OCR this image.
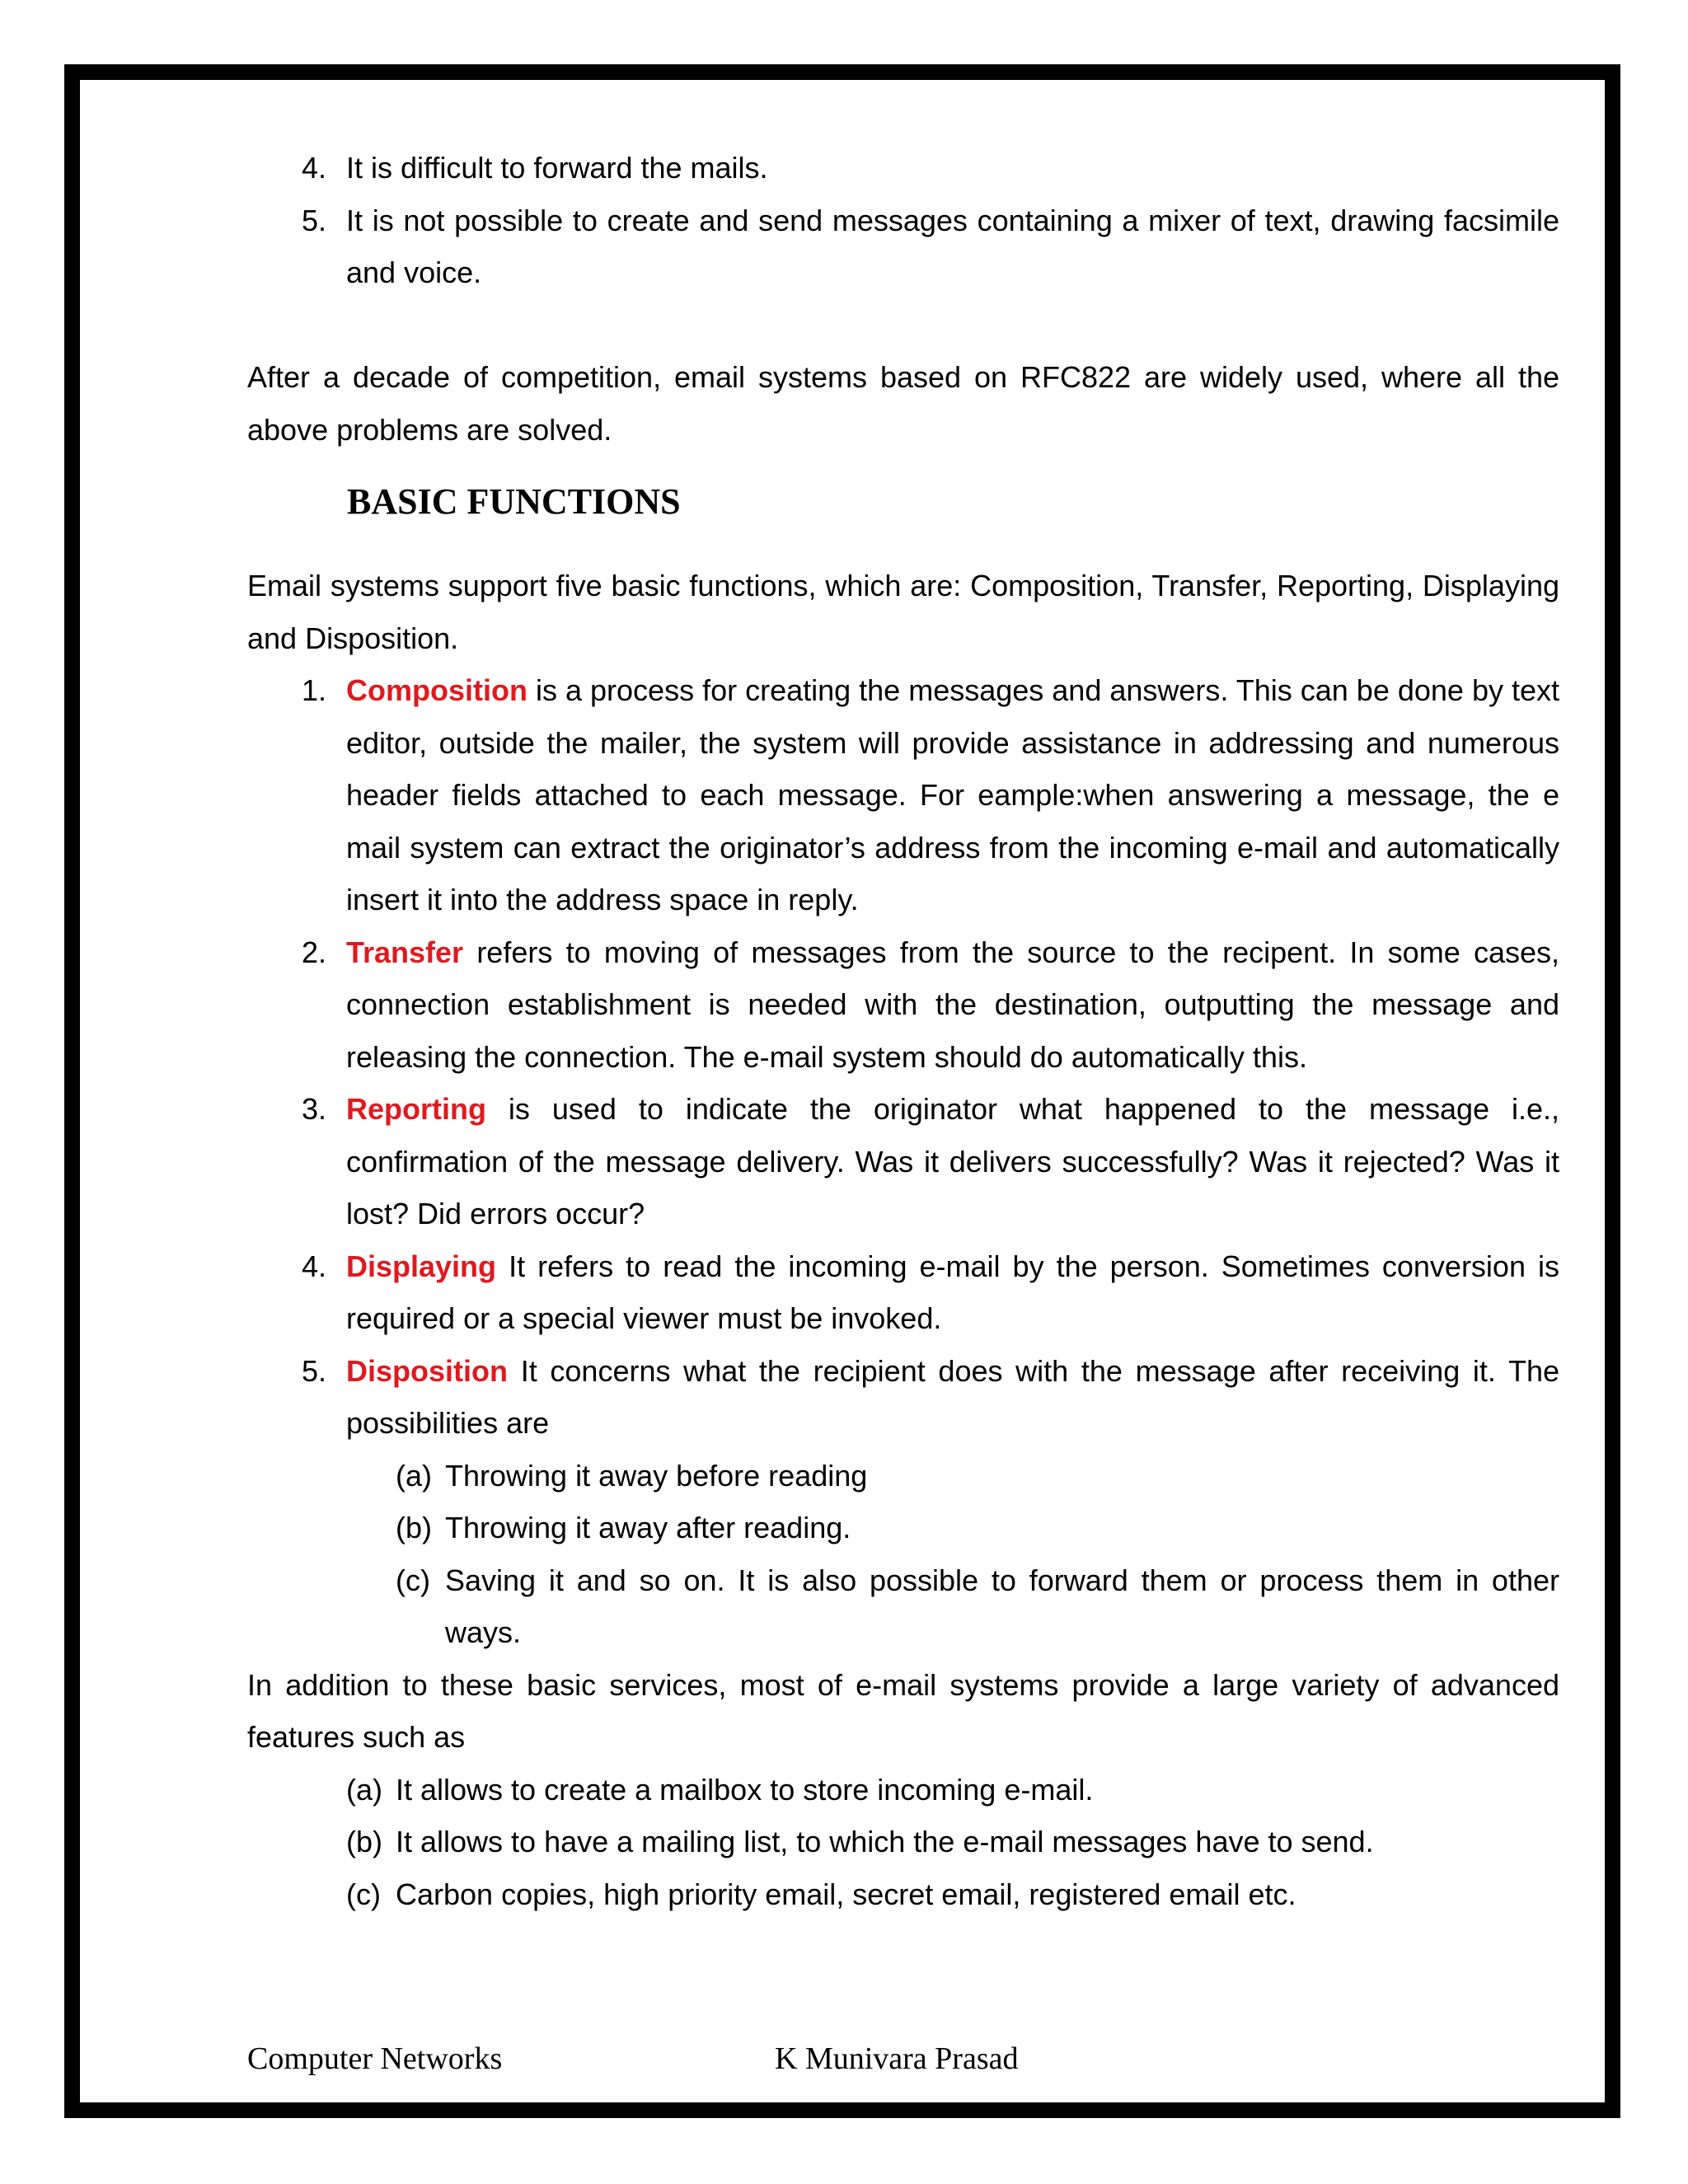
4. It is difficult to forward the mails.
5. It is not possible to create and send messages containing a mixer of text, drawing facsimile and voice.

After a decade of competition, email systems based on RFC822 are widely used, where all the above problems are solved.

BASIC FUNCTIONS

Email systems support five basic functions, which are: Composition, Transfer, Reporting, Displaying and Disposition.

1. Composition is a process for creating the messages and answers. This can be done by text editor, outside the mailer, the system will provide assistance in addressing and numerous header fields attached to each message. For eample:when answering a message, the e mail system can extract the originator’s address from the incoming e-mail and automatically insert it into the address space in reply.
2. Transfer refers to moving of messages from the source to the recipent. In some cases, connection establishment is needed with the destination, outputting the message and releasing the connection. The e-mail system should do automatically this.
3. Reporting is used to indicate the originator what happened to the message i.e., confirmation of the message delivery. Was it delivers successfully? Was it rejected? Was it lost? Did errors occur?
4. Displaying It refers to read the incoming e-mail by the person. Sometimes conversion is required or a special viewer must be invoked.
5. Disposition It concerns what the recipient does with the message after receiving it. The possibilities are
(a) Throwing it away before reading
(b) Throwing it away after reading.
(c) Saving it and so on. It is also possible to forward them or process them in other ways.

In addition to these basic services, most of e-mail systems provide a large variety of advanced features such as

(a) It allows to create a mailbox to store incoming e-mail.
(b) It allows to have a mailing list, to which the e-mail messages have to send.
(c) Carbon copies, high priority email, secret email, registered email etc.
Computer Networks	K Munivara Prasad
